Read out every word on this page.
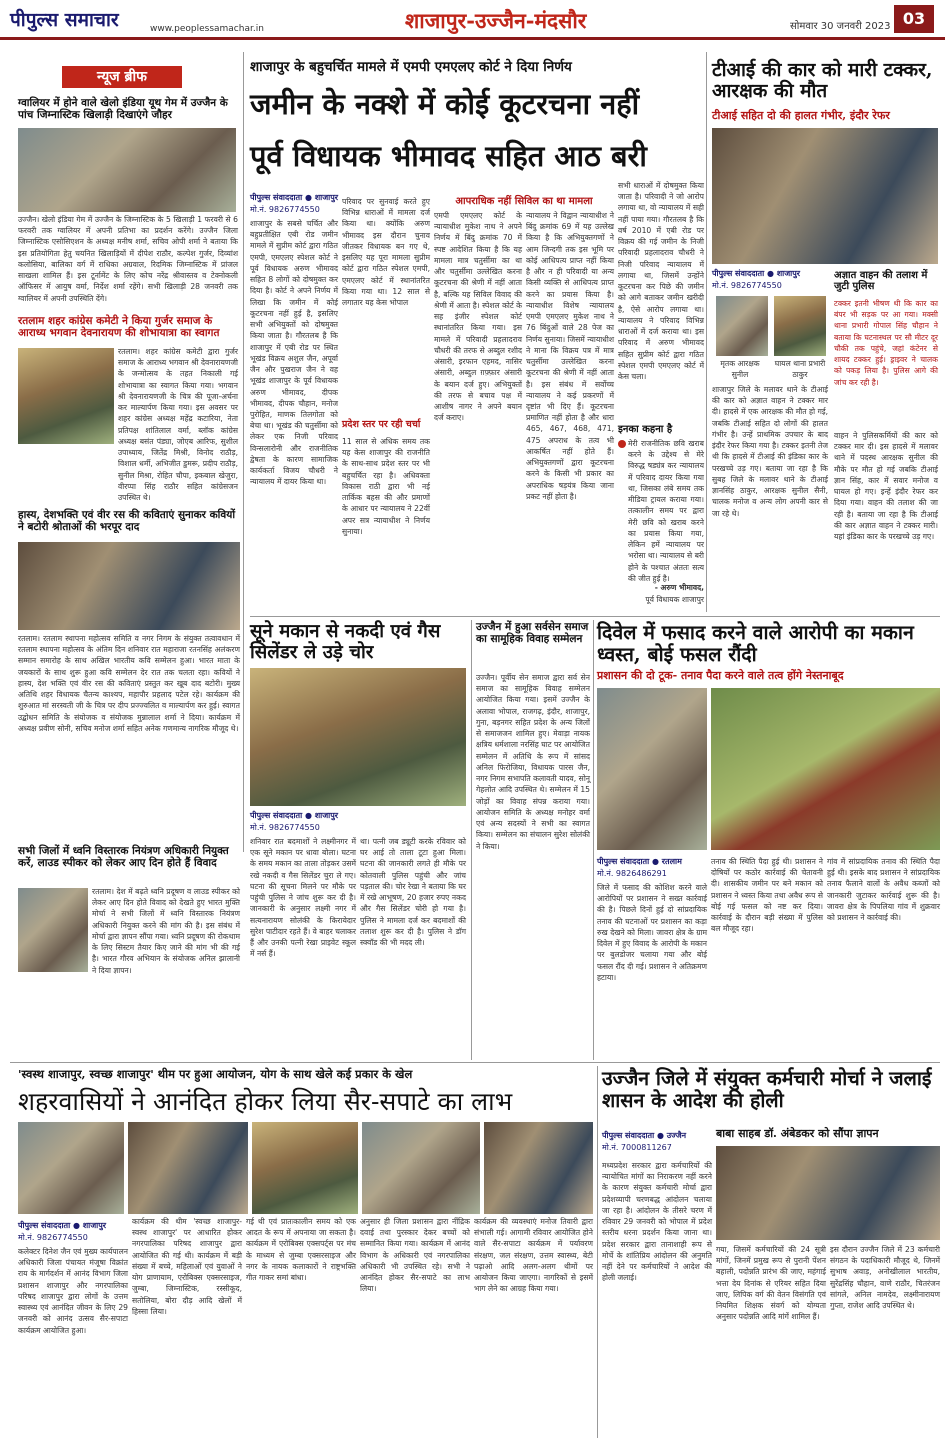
पीपुल्स समाचार	www.peoplessamachar.in	शाजापुर-उज्जैन-मंदसौर	सोमवार 30 जनवरी 2023 03
न्यूज ब्रीफ
ग्वालियर में होने वाले खेलो इंडिया यूथ गेम में उज्जैन के पांच जिम्नास्टिक खिलाड़ी दिखाएंगे जौहर
उज्जैन। खेलो इंडिया गेम में उज्जैन के जिम्नास्टिक के 5 खिलाड़ी 1 फरवरी से 6 फरवरी तक ग्वालियर में अपनी प्रतिभा का प्रदर्शन करेंगे। उज्जैन जिला जिम्नास्टिक एसोसिएशन के अध्यक्ष मनीष शर्मा, सचिव ओपी शर्मा ने बताया कि इस प्रतियोगिता हेतु चयनित खिलाड़ियों में दीपेश राठौर, कल्पेश गुर्जर, दिव्यांश कलोसिया, बालिका वर्ग में राधिका अग्रवाल, रिदमिक जिम्नास्टिक में प्रांजल साखला शामिल हैं। इस टूर्नामेंट के लिए कोच नरेंद्र श्रीवास्तव व टेक्नोकली ऑफिसर में आयुष वर्मा, निर्देश शर्मा रहेंगे। सभी खिलाड़ी 28 जनवरी तक ग्वालियर में अपनी उपस्थिति देंगे।
रतलाम शहर कांग्रेस कमेटी ने किया गुर्जर समाज के आराध्य भगवान देवनारायण की शोभायात्रा का स्वागत
रतलाम। शहर कांग्रेस कमेटी द्वारा गुर्जर समाज के आराध्य भगवान श्री देवनारायणजी के जन्मोत्सव के तहत निकाली गई शोभायात्रा का स्वागत किया गया। भगवान श्री देवनारायणजी के चित्र की पूजा-अर्चना कर माल्यार्पण किया गया। इस अवसर पर शहर कांग्रेस अध्यक्ष महेंद्र कटारिया, नेता प्रतिपक्ष शांतिलाल वर्मा, ब्लॉक कांग्रेस अध्यक्ष बसंत पंड्या, जोएब आरिफ, सुशील उपाध्याय, जितेंद्र मिश्री, विनोद राठौड़, विशाल धर्मी, अभिजीत डुमरू, प्रदीप राठौड़, सुनील मिश्रा, रोहित चौपा, इकबाल खेजुरा, वीरप्पा सिंह राठौर सहित कांग्रेसजन उपस्थित थे।
हास्य, देशभक्ति एवं वीर रस की कविताएं सुनाकर कवियों ने बटोरी श्रोताओं की भरपूर दाद
रतलाम। रतलाम स्थापना महोत्सव समिति व नगर निगम के संयुक्त तत्वावधान में रतलाम स्थापना महोत्सव के अंतिम दिन शनिवार रात महाराजा रतनसिंह अलंकरण सम्मान समारोह के साथ अखिल भारतीय कवि सम्मेलन हुआ। भारत माता के जयकारों के साथ शुरू हुआ कवि सम्मेलन देर रात तक चलता रहा। कवियों ने हास्य, देश भक्ति एवं वीर रस की कविताएं प्रस्तुत कर खूब दाद बटोरी। मुख्य अतिथि शहर विधायक चैतन्य काश्यप, महापौर प्रहलाद पटेल रहे। कार्यक्रम की शुरुआत मां सरस्वती जी के चित्र पर दीप प्रज्ज्वलित व माल्यार्पण कर हुई। स्वागत उद्बोधन समिति के संयोजक व संयोजक मुन्नालाल शर्मा ने दिया। कार्यक्रम में अध्यक्ष प्रवीण सोनी, सचिव मनोज शर्मा सहित अनेक गणमान्य नागरिक मौजूद थे।
सभी जिलों में ध्वनि विस्तारक नियंत्रण अधिकारी नियुक्त करें, लाउड स्पीकर को लेकर आए दिन होते हैं विवाद
रतलाम। देश में बढ़ते ध्वनि प्रदूषण व लाउड स्पीकर को लेकर आए दिन होते विवाद को देखते हुए भारत मुक्ति मोर्चा ने सभी जिलों में ध्वनि विस्तारक नियंत्रण अधिकारी नियुक्त करने की मांग की है। इस संबंध में मोर्चा द्वारा ज्ञापन सौंपा गया। ध्वनि प्रदूषण की रोकथाम के लिए सिस्टम तैयार किए जाने की मांग भी की गई है। भारत गौरव अभियान के संयोजक अनिल झालानी ने दिया ज्ञापन।
शाजापुर के बहुचर्चित मामले में एमपी एमएलए कोर्ट ने दिया निर्णय
जमीन के नक्शे में कोई कूटरचना नहीं
पूर्व विधायक भीमावद सहित आठ बरी
पीपुल्स संवाददाता ● शाजापुर
मो.नं. 9826774550
शाजापुर के सबसे चर्चित और बहुप्रतीक्षित एबी रोड जमीन मामले में सुप्रीम कोर्ट द्वारा गठित एमपी, एमएलए स्पेशल कोर्ट ने पूर्व विधायक अरुण भीमावद सहित 8 लोगों को दोषमुक्त कर दिया है। कोर्ट ने अपने निर्णय में लिखा कि जमीन में कोई कूटरचना नहीं हुई है, इसलिए सभी अभियुक्तों को दोषमुक्त किया जाता है। गौरतलब है कि शाजापुर में एबी रोड पर स्थित भूखंड विक्रय अशुल जैन, अपूर्वा जैन और पुखराज जैन ने वह भूखंड शाजापुर के पूर्व विधायक अरुण भीमावद, दीपक भीमावद, दीपक चौहान, मनोज पुरोहित, माणक तिलगोता को बेचा था। भूखंड की चतुर्सीमा को लेकर एक निजी परिवाद विन्सलारोनी और राजनीतिक द्वेषता के कारण सामाजिक कार्यकर्ता विजय चौधरी ने न्यायालय में दायर किया था।
परिवाद पर सुनवाई करते हुए विभिन्न धाराओं में मामला दर्ज किया था। क्योंकि अरुण भीमावद इस दौरान चुनाव जीतकर विधायक बन गए थे, इसलिए यह पूरा मामला सुप्रीम कोर्ट द्वारा गठित स्पेशल एमपी, एमएलए कोर्ट में स्थानांतरित किया गया था। 12 साल से लगातार यह केस भोपाल
प्रदेश स्तर पर रही चर्चा
11 साल से अधिक समय तक यह केस शाजापुर की राजनीति के साथ-साथ प्रदेश स्तर पर भी बहुचर्चित रहा है। अधिवक्ता विकास राठी द्वारा भी नई तार्किक बहस की और प्रमाणों के आधार पर न्यायालय ने 22वीं अपर सत्र न्यायाधीश ने निर्णय सुनाया।
आपराधिक नहीं सिविल का था मामला
एमपी एमएलए कोर्ट के न्यायाधीश मुकेश नाथ ने अपने निर्णय में बिंदु क्रमांक 70 में स्पष्ट आदेशित किया है कि यह मामला मात्र चतुर्सीमा का था और चतुर्सीमा उल्लेखित करना कूटरचना की श्रेणी में नहीं आता है, बल्कि यह सिविल विवाद की श्रेणी में आता है। स्पेशल कोर्ट के सह इंजीर स्पेशल कोर्ट स्थानांतरित किया गया। इस मामले में परिवादी प्रहलादराव चौधरी की तरफ से अब्दुल रशीद अंसारी, इरफान एहमद, नासिर अंसारी, अब्दुल ग़फ़्फ़ार अंसारी के बयान दर्ज हुए। अभियुक्तों की तरफ से बचाव पक्ष में आशीष नागर ने अपने बयान दर्ज कराए।
न्यायालय ने विद्वान न्यायाधीश ने बिंदु क्रमांक 69 में यह उल्लेख किया है कि अभियुक्तगणों ने आम जिन्दगी तक इस भूमि पर कोई आधिपत्य प्राप्त नहीं किया है और न ही परिवादी या अन्य किसी व्यक्ति से आधिपत्य प्राप्त करने का प्रयास किया है। न्यायाधीश विशेष न्यायालय एमपी एमएलए मुकेश नाथ ने 76 बिंदुओं वाले 28 पेज का निर्णय सुनाया। जिसमें न्यायाधीश ने माना कि विक्रय पत्र में मात्र चतुर्सीमा उल्लेखित करना कूटरचना की श्रेणी में नहीं आता है। इस संबंध में सर्वोच्च न्यायालय ने कई प्रकरणों में दृष्टांत भी दिए हैं। कूटरचना प्रमाणित नहीं होता है और धारा 465, 467, 468, 471, 475 अपराध के तत्व भी आकर्षित नहीं होते हैं। अभियुक्तगणों द्वारा कूटरचना करने के किसी भी प्रकार का अपराधिक षड़यंत्र किया जाना प्रकट नहीं होता है।
सभी धाराओं में दोषमुक्त किया जाता है। परिवादी ने जो आरोप लगाया था, वो न्यायालय में सही नहीं पाया गया। गौरतलब है कि वर्ष 2010 में एबी रोड पर विक्रय की गई जमीन के निजी परिवादी प्रहलादराव चौधरी ने निजी परिवाद न्यायालय में लगाया था, जिसमें उन्होंने कूटरचना कर पिछे की जमीन को आगे बताकर जमीन खरीदी है, ऐसे आरोप लगाया था। न्यायालय ने परिवाद विभिन्न धाराओं में दर्ज कराया था। इस परिवाद में अरुण भीमावद सहित सुप्रीम कोर्ट द्वारा गठित स्पेशल एमपी एमएलए कोर्ट में केस चला।
इनका कहना है
मेरी राजनीतिक छवि खराब करने के उद्देश्य से मेरे विरुद्ध षड्यंत्र कर न्यायालय में परिवाद दायर किया गया था, जिसका लंबे समय तक मीडिया ट्रायल कराया गया। तत्कालीन समय पर द्वारा मेरी छवि को खराब करने का प्रयास किया गया, लेकिन हमें न्यायालय पर भरोसा था। न्यायालय से बरी होने के पश्चात अंततः सत्य की जीत हुई है।
- अरुण भीमावद,
पूर्व विधायक शाजापुर
टीआई की कार को मारी टक्कर, आरक्षक की मौत
टीआई सहित दो की हालत गंभीर, इंदौर रेफर
पीपुल्स संवाददाता ● शाजापुर
मो.नं. 9826774550
मृतक आरक्षक सुनील
घायल थाना प्रभारी ठाकुर
अज्ञात वाहन की तलाश में जुटी पुलिस
टक्कर इतनी भीषण थी कि कार का बंपर भी सड़क पर आ गया। मक्सी थाना प्रभारी गोपाल सिंह चौहान ने बताया कि घटनास्थल पर सौ मीटर दूर चौकी तक पहुंचे, जहां कंटेनर से शायद टक्कर हुई। ड्राइवर ने चालक को पकड़ लिया है। पुलिस आगे की जांच कर रही है।
शाजापुर जिले के मलावर थाने के टीआई की कार को अज्ञात वाहन ने टक्कर मार दी। हादसे में एक आरक्षक की मौत हो गई, जबकि टीआई सहित दो लोगों की हालत गंभीर है। उन्हें प्राथमिक उपचार के बाद इंदौर रेफर किया गया है। टक्कर इतनी तेज थी कि हादसे में टीआई की इंडिका कार के परखच्चे उड़ गए। बताया जा रहा है कि सुबह जिले के मलावर थाने के टीआई ज्ञानसिंह ठाकुर, आरक्षक सुनील सैनी, चालक मनोज व अन्य लोग अपनी कार से जा रहे थे।
वाहन ने पुलिसकर्मियों की कार को टक्कर मार दी। इस हादसे में मलावर थाने में पदस्थ आरक्षक सुनील की मौके पर मौत हो गई जबकि टीआई ज्ञान सिंह, कार में सवार मनोज व घायल हो गए। इन्हें इंदौर रेफर कर दिया गया। वाहन की तलाश की जा रही है। बताया जा रहा है कि टीआई की कार अज्ञात वाहन ने टक्कर मारी। यहां इंडिका कार के परखच्चे उड़ गए।
सूने मकान से नकदी एवं गैस सिलेंडर ले उड़े चोर
पीपुल्स संवाददाता ● शाजापुर
मो.नं. 9826774550
शनिवार रात बदमाशों ने लक्ष्मीनगर में एक सूने मकान पर धावा बोला। घटना के समय मकान का ताला तोड़कर उसमें रखे नकदी व गैस सिलेंडर चुरा ले गए। घटना की सूचना मिलने पर मौके पर पहुंची पुलिस ने जांच शुरू कर दी है। जानकारी के अनुसार लक्ष्मी नगर में सत्यनारायण सोलंकी के किरायेदार सुरेश पाटीदार रहते हैं। वे बाहर चलाकर हैं और उनकी पत्नी रेखा प्राइवेट स्कूल में नर्स हैं।
था। पत्नी जब ड्यूटी करके रविवार को घर आई तो ताला टूटा हुआ मिला। घटना की जानकारी लगते ही मौके पर कोतवाली पुलिस पहुंची और जांच पड़ताल की। चोर रेखा ने बताया कि घर में रखे आभूषण, 20 हजार रुपए नकद और गैस सिलेंडर चोरी हो गया है। पुलिस ने मामला दर्ज कर बदमाशों की तलाश शुरू कर दी है। पुलिस ने डॉग स्क्वॉड की भी मदद ली।
उज्जैन में हुआ सर्वसेन समाज का सामूहिक विवाह सम्मेलन
उज्जैन। पूर्वीय सेन समाज द्वारा सर्व सेन समाज का सामूहिक विवाह सम्मेलन आयोजित किया गया। इसमें उज्जैन के अलावा भोपाल, राजगढ़, इंदौर, शाजापुर, गुना, बड़नगर सहित प्रदेश के अन्य जिलों से समाजजन शामिल हुए। मेवाड़ा नायक क्षत्रिय धर्मशाला नरसिंह घाट पर आयोजित सम्मेलन में अतिथि के रूप में सांसद अनिल फिरोजिया, विधायक पारस जैन, नगर निगम सभापति कलावती यादव, सोनू गेहलोत आदि उपस्थित थे। सम्मेलन में 15 जोड़ों का विवाह संपन्न कराया गया। आयोजन समिति के अध्यक्ष मनोहर वर्मा एवं अन्य सदस्यों ने सभी का स्वागत किया। सम्मेलन का संचालन सुरेश सोलंकी ने किया।
दिवेल में फसाद करने वाले आरोपी का मकान ध्वस्त, बोई फसल रौंदी
प्रशासन की दो टूक- तनाव पैदा करने वाले तत्व होंगे नेस्तनाबूद
पीपुल्स संवाददाता ● रतलाम
मो.नं. 9826486291
जिले में फसाद की कोशिश करने वाले आरोपियों पर प्रशासन ने सख्त कार्रवाई की है। पिछले दिनों हुई दो सांप्रदायिक तनाव की घटनाओं पर प्रशासन का कड़ा रुख देखने को मिला। जावरा क्षेत्र के ग्राम दिवेल में हुए विवाद के आरोपी के मकान पर बुलडोजर चलाया गया और बोई फसल रौंद दी गई। प्रशासन ने अतिक्रमण हटाया।
तनाव की स्थिति पैदा हुई थी। प्रशासन ने दोषियों पर कठोर कार्रवाई की चेतावनी दी। शासकीय जमीन पर बने मकान को प्रशासन ने ध्वस्त किया तथा अवैध रूप से बोई गई फसल को नष्ट कर दिया। कार्रवाई के दौरान बड़ी संख्या में पुलिस बल मौजूद रहा।
गांव में सांप्रदायिक तनाव की स्थिति पैदा हुई थी। इसके बाद प्रशासन ने सांप्रदायिक तनाव फैलाने वालों के अवैध कब्जों को जानकारी जुटाकर कार्रवाई शुरू की है। जावरा क्षेत्र के पिपलिया गांव में शुक्रवार को प्रशासन ने कार्रवाई की।
'स्वस्थ शाजापुर, स्वच्छ शाजापुर' थीम पर हुआ आयोजन, योग के साथ खेले कई प्रकार के खेल
शहरवासियों ने आनंदित होकर लिया सैर-सपाटे का लाभ
पीपुल्स संवाददाता ● शाजापुर
मो.नं. 9826774550
कलेक्टर दिनेश जैन एवं मुख्य कार्यपालन अधिकारी जिला पंचायत मंजूषा विक्रांत राय के मार्गदर्शन में आनंद विभाग जिला प्रशासन शाजापुर और नगरपालिका परिषद शाजापुर द्वारा लोगों के उत्तम स्वास्थ्य एवं आनंदित जीवन के लिए 29 जनवरी को आनंद उत्सव सैर-सपाटा कार्यक्रम आयोजित हुआ।
कार्यक्रम की थीम 'स्वच्छ शाजापुर- स्वस्थ शाजापुर' पर आधारित होकर नगरपालिका परिषद शाजापुर द्वारा आयोजित की गई थी। कार्यक्रम में बड़ी संख्या में बच्चे, महिलाओं एवं युवाओं ने योग प्राणायाम, एरोबिक्स एक्सरसाइज, जुम्बा, जिम्नास्टिक, रस्सीकूद, सतोलिया, बोरा दौड़ आदि खेलों में हिस्सा लिया।
गई थी एवं प्रातःकालीन समय को एक आदत के रूप में अपनाया जा सकता है। कार्यक्रम में एरोबिक्स एक्सपर्ट्स पर मंच के माध्यम से जुम्बा एक्सरसाइज और नगर के नायक कलाकारों ने राष्ट्रभक्ति गीत गाकर समां बांधा।
अनुसार ही जिला प्रशासन द्वारा नींद्रिक दवाई तथा पुरस्कार देकर बच्चों को सम्मानित किया गया। कार्यक्रम में आनंद विभाग के अधिकारी एवं नगरपालिका अधिकारी भी उपस्थित रहे। सभी ने आनंदित होकर सैर-सपाटे का लाभ लिया।
कार्यक्रम की व्यवस्थाएं मनोज तिवारी द्वारा संभाली गई। आगामी रविवार आयोजित होने वाले सैर-सपाटा कार्यक्रम में पर्यावरण संरक्षण, जल संरक्षण, उत्तम स्वास्थ्य, बेटी पढ़ाओ आदि अलग-अलग थीमों पर आयोजन किया जाएगा। नागरिकों से इसमें भाग लेने का आग्रह किया गया।
उज्जैन जिले में संयुक्त कर्मचारी मोर्चा ने जलाई शासन के आदेश की होली
पीपुल्स संवाददाता ● उज्जैन
मो.नं. 7000811267
बाबा साहब डॉ. अंबेडकर को सौंपा ज्ञापन
मध्यप्रदेश सरकार द्वारा कर्मचारियों की न्यायोचित मांगों का निराकरण नहीं करने के कारण संयुक्त कर्मचारी मोर्चा द्वारा प्रदेशव्यापी चरणबद्ध आंदोलन चलाया जा रहा है। आंदोलन के तीसरे चरण में रविवार 29 जनवरी को भोपाल में प्रदेश स्तरीय धरना प्रदर्शन किया जाना था। प्रदेश सरकार द्वारा तानाशाही रूप से मोर्चे के शांतिप्रिय आंदोलन की अनुमति नहीं देने पर कर्मचारियों ने आदेश की होली जलाई।
गया, जिसमें कर्मचारियों की 24 सूत्री मांगों, जिनमें प्रमुख रूप से पुरानी पेंशन बहाली, पदोन्नति प्रारंभ की जाए, महंगाई भत्ता देय दिनांक से एरियर सहित दिया जाए, लिपिक वर्ग की वेतन विसंगति एवं नियमित शिक्षक संवर्ग को योग्यता अनुसार पदोन्नति आदि मांगें शामिल हैं।
इस दौरान उज्जैन जिले में 23 कर्मचारी संगठन के पदाधिकारी मौजूद थे, जिनमें सुभाष अवाड़, अनोखीलाल भारतीय, सुरेंद्रसिंह चौहान, वाणे राठौर, चितरंजन सांगले, अनिल नामदेव, लक्ष्मीनारायण गुप्ता, राजेश आदि उपस्थित थे।
